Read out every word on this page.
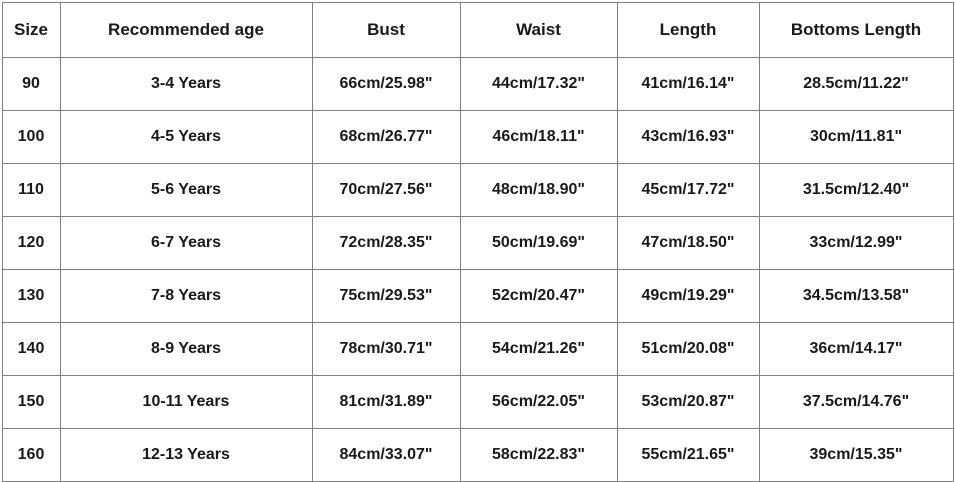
Size	Recommended age	Bust	Waist	Length	Bottoms Length
90	3-4 Years	66cm/25.98"	44cm/17.32"	41cm/16.14"	28.5cm/11.22"
100	4-5 Years	68cm/26.77"	46cm/18.11"	43cm/16.93"	30cm/11.81"
110	5-6 Years	70cm/27.56"	48cm/18.90"	45cm/17.72"	31.5cm/12.40"
120	6-7 Years	72cm/28.35"	50cm/19.69"	47cm/18.50"	33cm/12.99"
130	7-8 Years	75cm/29.53"	52cm/20.47"	49cm/19.29"	34.5cm/13.58"
140	8-9 Years	78cm/30.71"	54cm/21.26"	51cm/20.08"	36cm/14.17"
150	10-11 Years	81cm/31.89"	56cm/22.05"	53cm/20.87"	37.5cm/14.76"
160	12-13 Years	84cm/33.07"	58cm/22.83"	55cm/21.65"	39cm/15.35"
